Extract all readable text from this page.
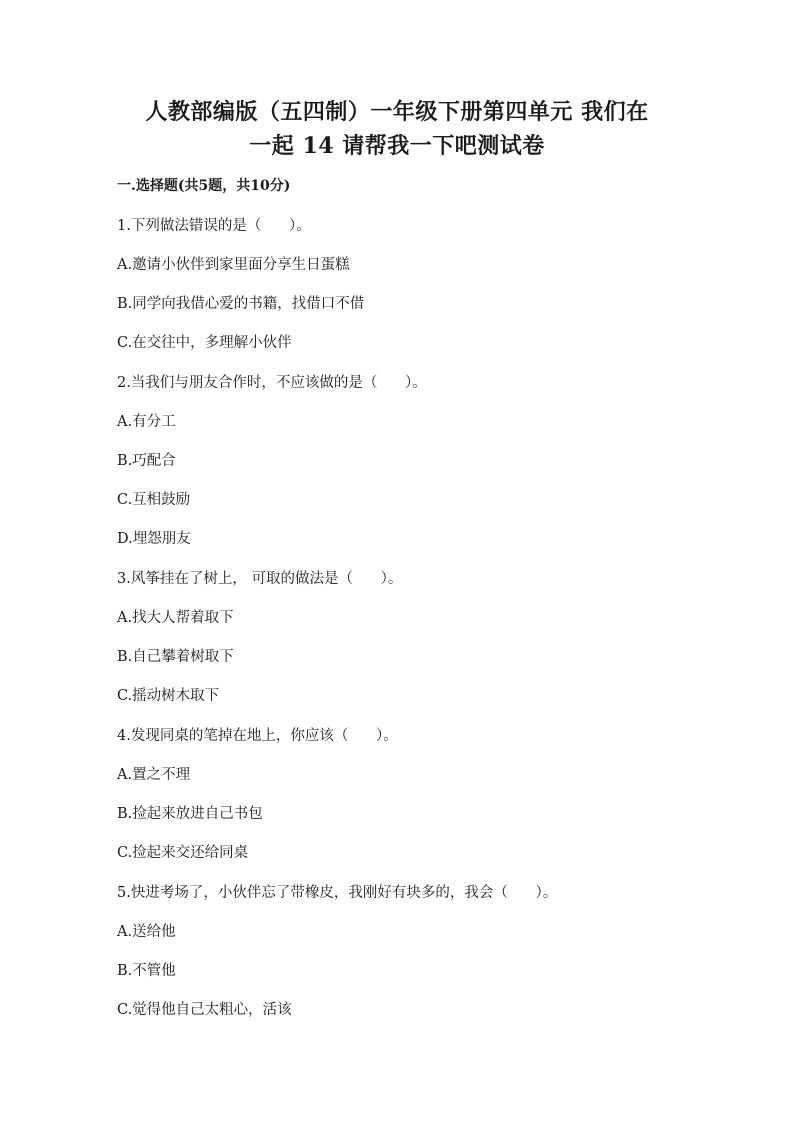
人教部编版（五四制）一年级下册第四单元 我们在
一起 14 请帮我一下吧测试卷
一.选择题(共5题，共10分)
1.下列做法错误的是（      ）。
A.邀请小伙伴到家里面分享生日蛋糕
B.同学向我借心爱的书籍，找借口不借
C.在交往中，多理解小伙伴
2.当我们与朋友合作时，不应该做的是（      ）。
A.有分工
B.巧配合
C.互相鼓励
D.埋怨朋友
3.风筝挂在了树上， 可取的做法是（      ）。
A.找大人帮着取下
B.自己攀着树取下
C.摇动树木取下
4.发现同桌的笔掉在地上，你应该（      ）。
A.置之不理
B.捡起来放进自己书包
C.捡起来交还给同桌
5.快进考场了，小伙伴忘了带橡皮，我刚好有块多的，我会（      ）。
A.送给他
B.不管他
C.觉得他自己太粗心，活该
